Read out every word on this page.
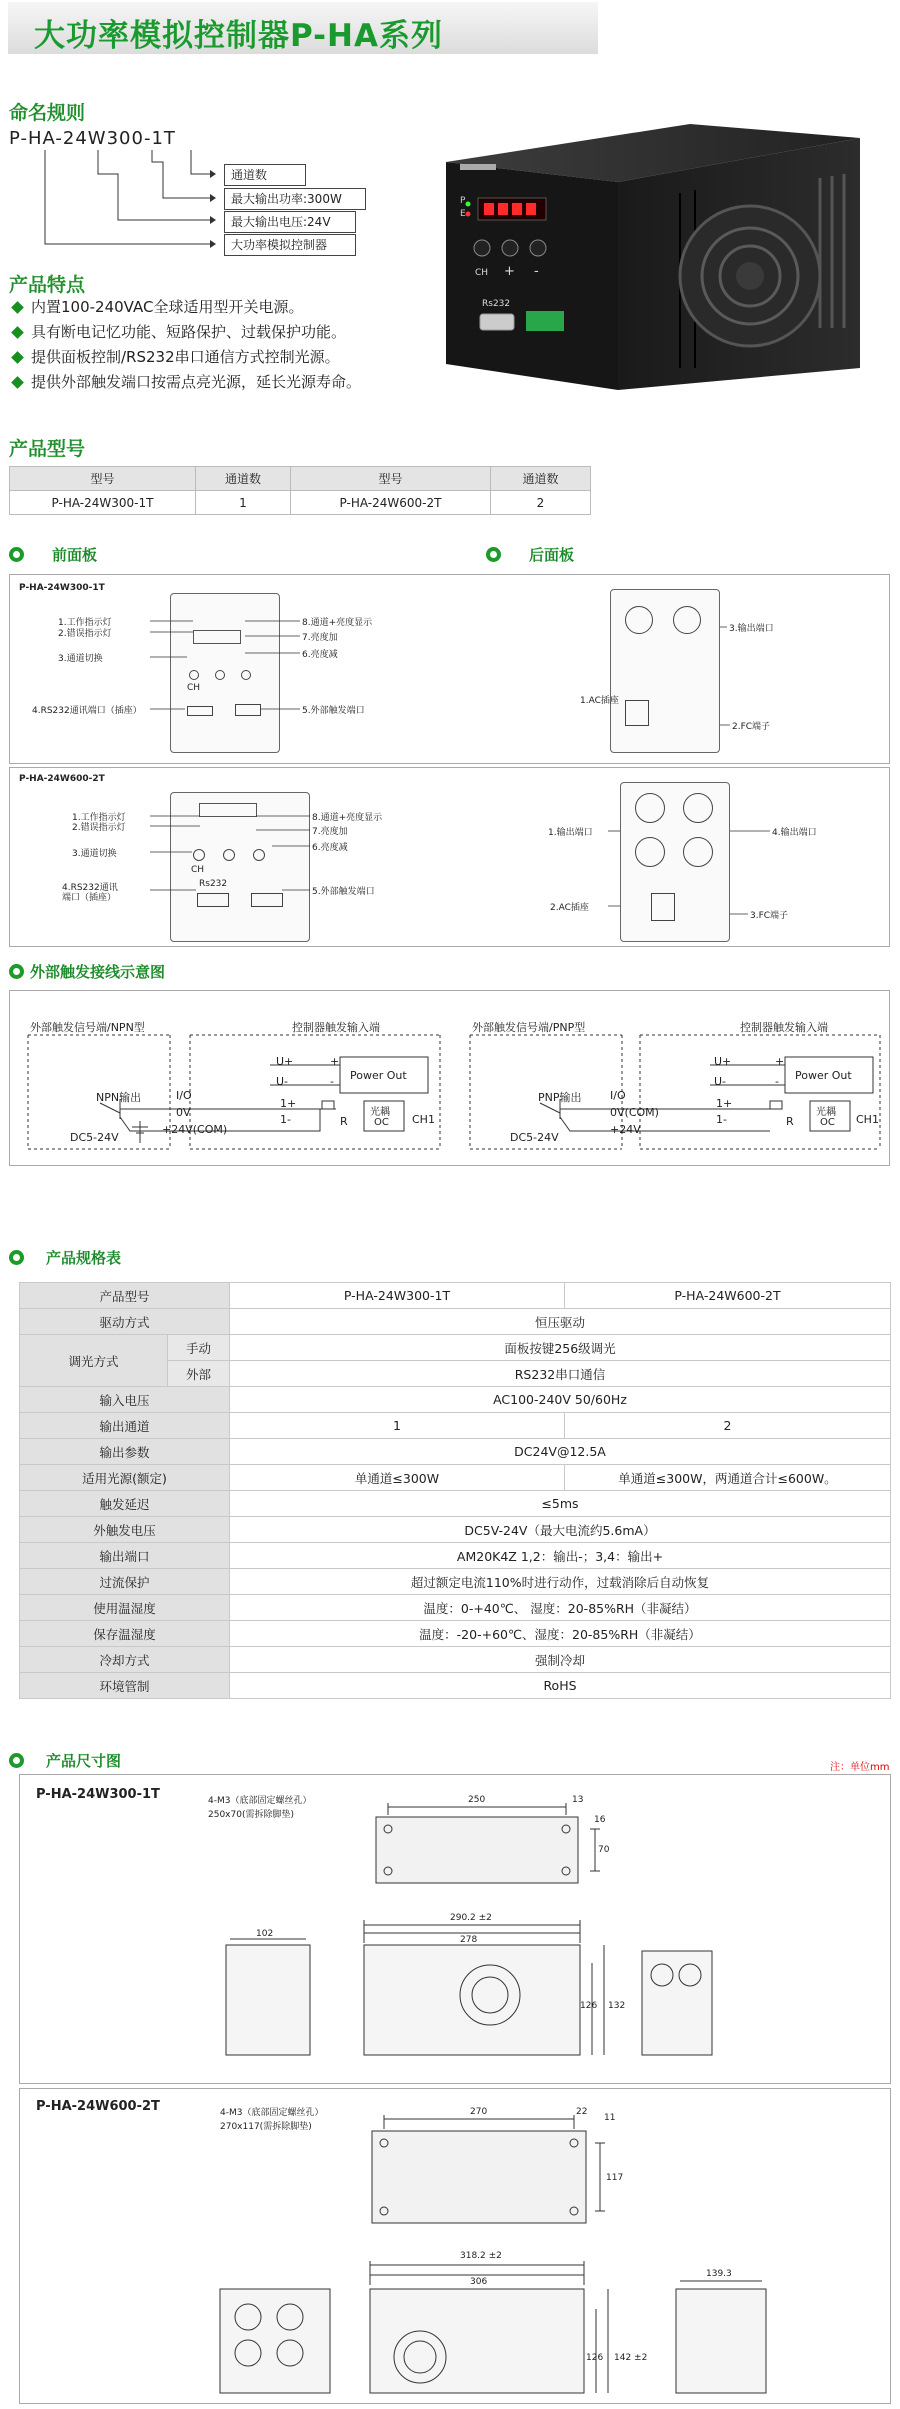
大功率模拟控制器P-HA系列
命名规则
P-HA-24W300-1T
通道数
最大输出功率:300W
最大输出电压:24V
大功率模拟控制器
P
E
CH + -
Rs232
产品特点
内置100-240VAC全球适用型开关电源。
具有断电记忆功能、短路保护、过载保护功能。
提供面板控制/RS232串口通信方式控制光源。
提供外部触发端口按需点亮光源，延长光源寿命。
产品型号
型号	通道数	型号	通道数
P-HA-24W300-1T	1	P-HA-24W600-2T	2
前面板	后面板
P-HA-24W300-1T
CH
1.工作指示灯
2.错误指示灯
3.通道切换
4.RS232通讯端口（插座）
8.通道+亮度显示
7.亮度加
6.亮度减
5.外部触发端口
3.输出端口
1.AC插座
2.FC端子
P-HA-24W600-2T
CH
Rs232
1.工作指示灯
2.错误指示灯
3.通道切换
4.RS232通讯
端口（插座）
8.通道+亮度显示
7.亮度加
6.亮度减
5.外部触发端口
1.输出端口	4.输出端口
2.AC插座
3.FC端子
外部触发接线示意图
外部触发信号端/NPN型	控制器触发输入端	外部触发信号端/PNP型	控制器触发输入端
NPN输出	PNP输出
I/O
0V
+24V(COM)
I/O
0V(COM)
+24V
DC5-24V	DC5-24V
U+
U-
+
-
1+
1-
Power Out
R
光耦
OC CH1
U+
U-
+
-
1+
1-
Power Out
R
光耦
OC CH1
产品规格表
产品型号		P-HA-24W300-1T	P-HA-24W600-2T
驱动方式		恒压驱动	
调光方式	手动	面板按键256级调光	
	外部	RS232串口通信	
输入电压		AC100-240V 50/60Hz	
输出通道		1	2
输出参数		DC24V@12.5A	
适用光源(额定)		单通道≤300W	单通道≤300W，两通道合计≤600W。
触发延迟		≤5ms	
外触发电压		DC5V-24V（最大电流约5.6mA）	
输出端口		AM20K4Z 1,2：输出-；3,4：输出+	
过流保护		超过额定电流110%时进行动作，过载消除后自动恢复	
使用温湿度		温度：0-+40℃、 湿度：20-85%RH（非凝结）	
保存温湿度		温度：-20-+60℃、湿度：20-85%RH（非凝结）	
冷却方式		强制冷却	
环境管制		RoHS	
产品尺寸图	注：单位mm
P-HA-24W300-1T	4-M3（底部固定螺丝孔）
250x70(需拆除脚垫)
250	13
16
70
290.2 ±2
278
102
126 132
P-HA-24W600-2T	4-M3（底部固定螺丝孔）
270x117(需拆除脚垫)
270	22
11
117
318.2 ±2
306
139.3
126 142 ±2
